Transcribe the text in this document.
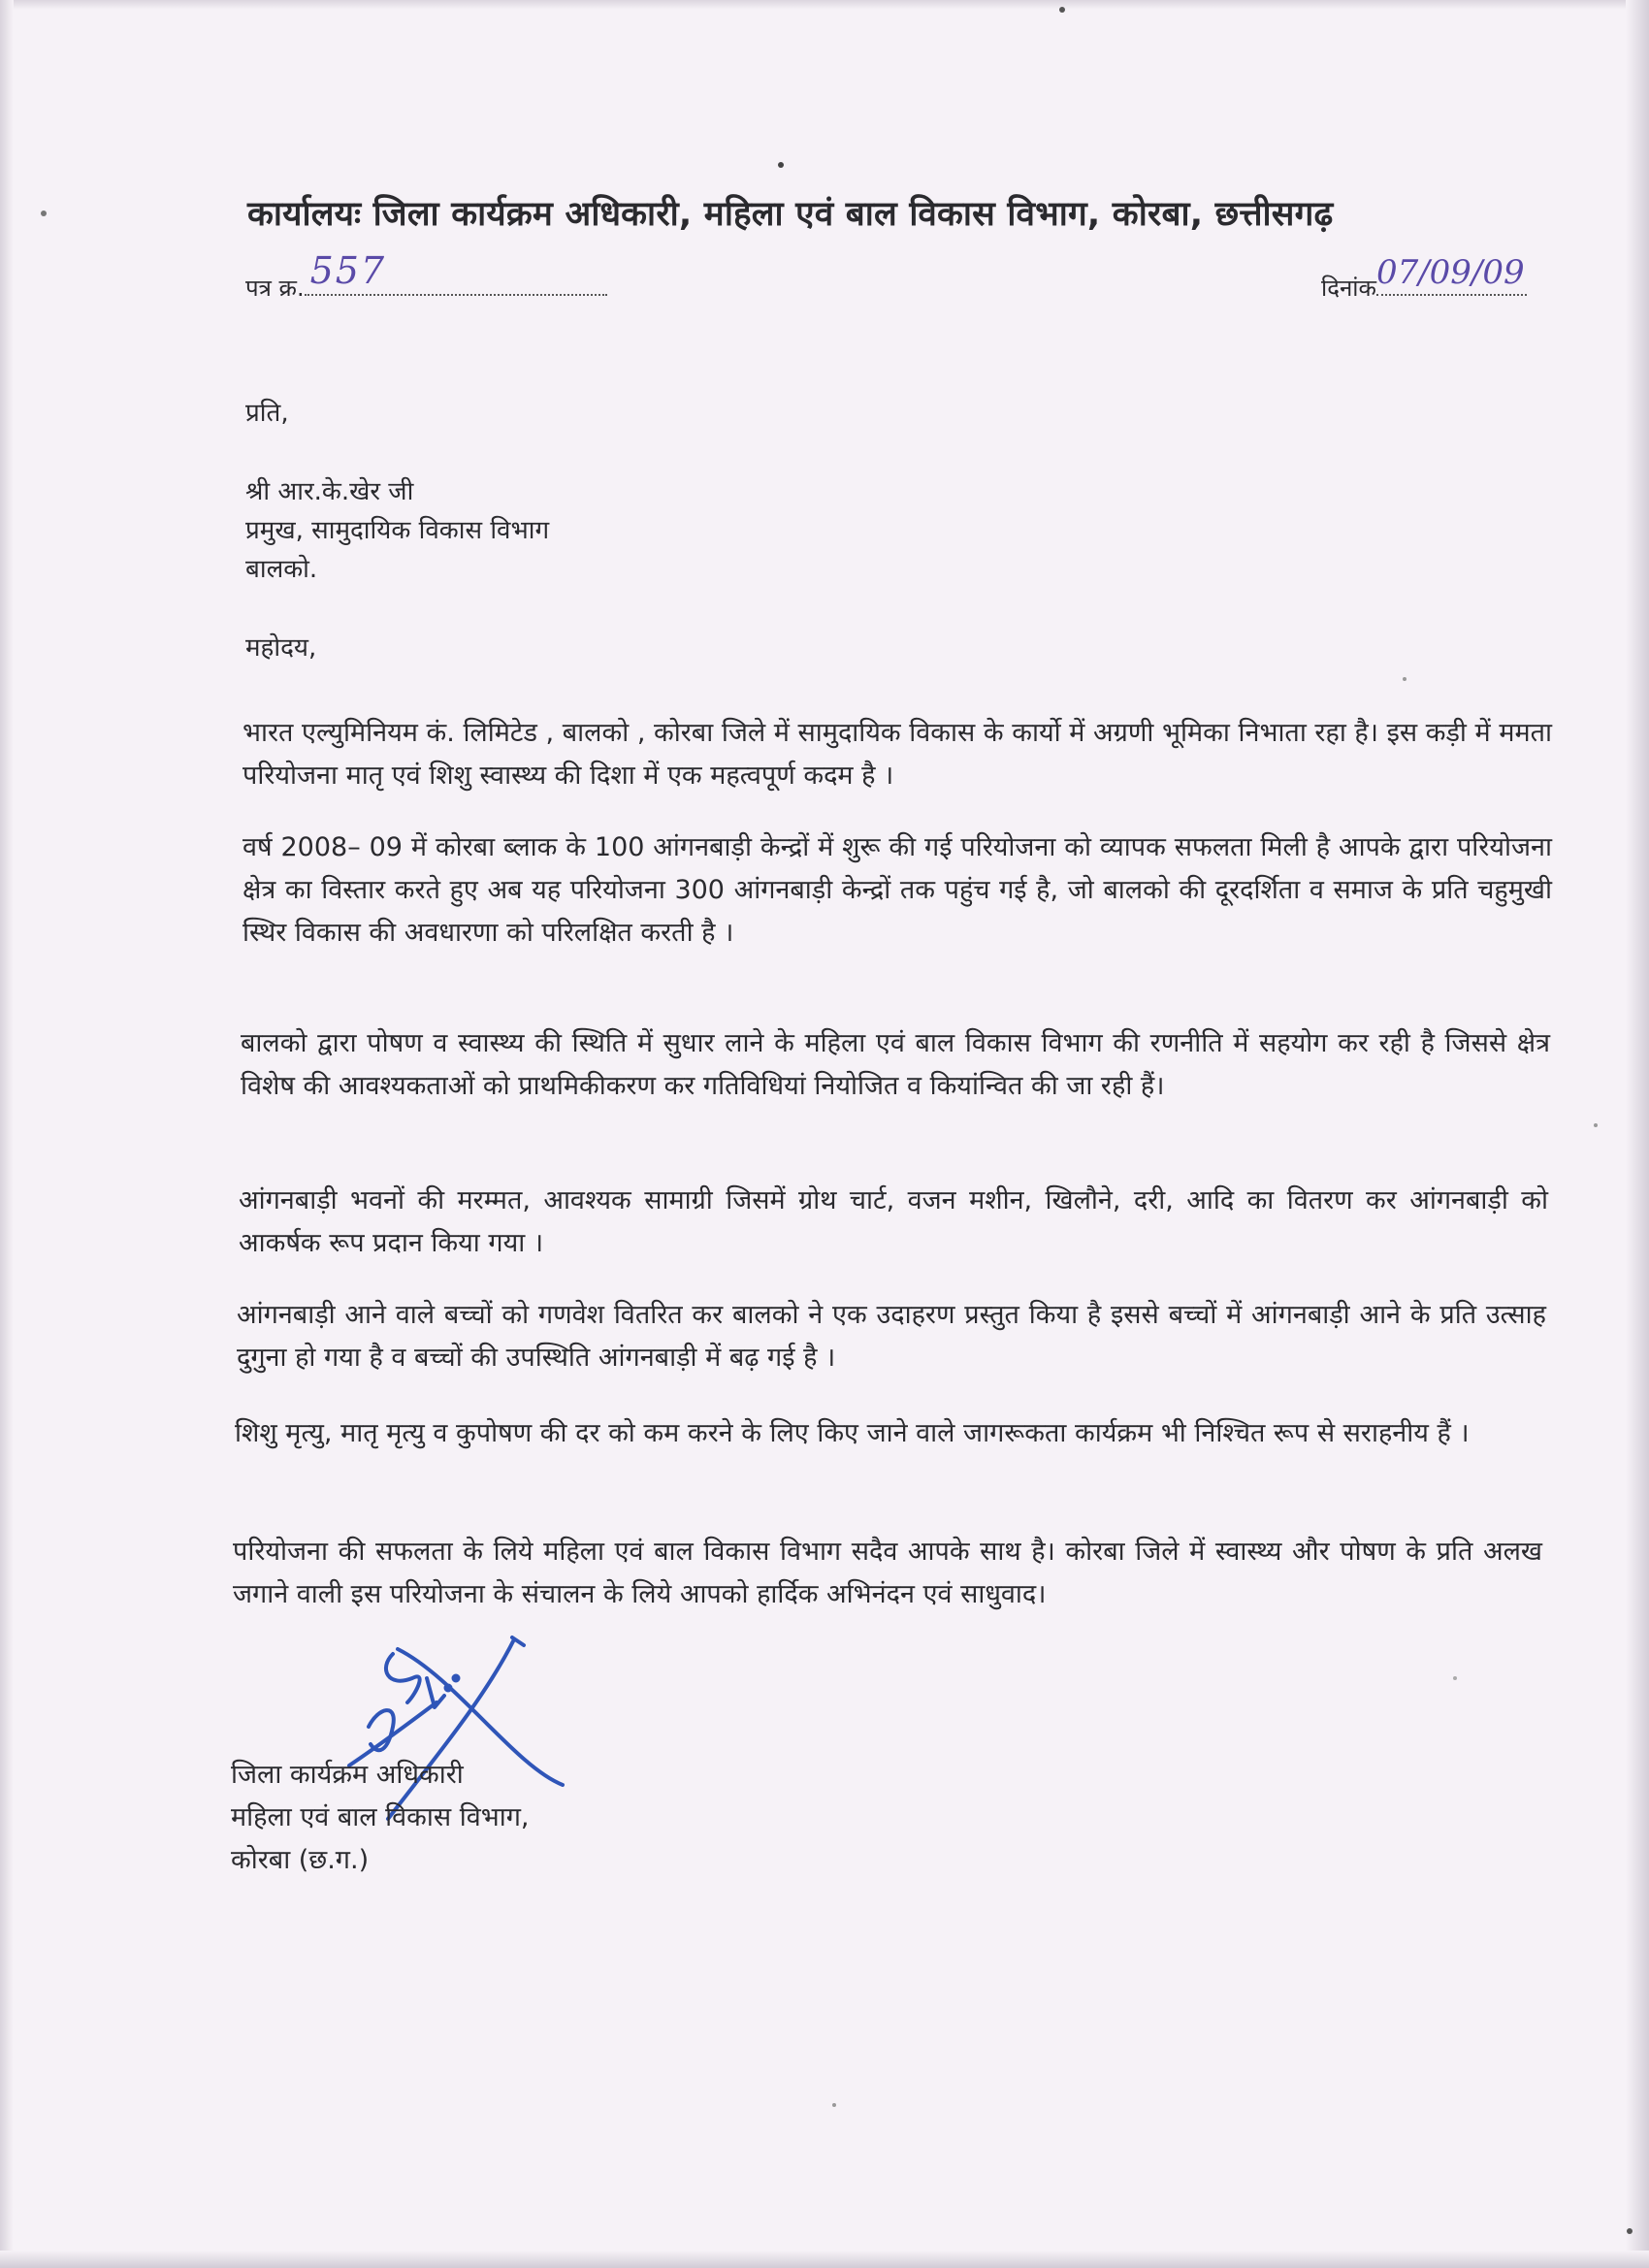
कार्यालयः जिला कार्यक्रम अधिकारी, महिला एवं बाल विकास विभाग, कोरबा, छत्तीसगढ़
पत्र क्र. 557	दिनांक 07/09/09
प्रति,
श्री आर.के.खेर जी
प्रमुख, सामुदायिक विकास विभाग
बालको.
महोदय,
भारत एल्युमिनियम कं. लिमिटेड , बालको , कोरबा जिले में सामुदायिक विकास के कार्यो में अग्रणी भूमिका निभाता रहा है। इस कड़ी में ममता परियोजना मातृ एवं शिशु स्वास्थ्य की दिशा में एक महत्वपूर्ण कदम है ।
वर्ष 2008– 09 में कोरबा ब्लाक के 100 आंगनबाड़ी केन्द्रों में शुरू की गई परियोजना को व्यापक सफलता मिली है आपके द्वारा परियोजना क्षेत्र का विस्तार करते हुए अब यह परियोजना 300 आंगनबाड़ी केन्द्रों तक पहुंच गई है, जो बालको की दूरदर्शिता व समाज के प्रति चहुमुखी स्थिर विकास की अवधारणा को परिलक्षित करती है ।
बालको द्वारा पोषण व स्वास्थ्य की स्थिति में सुधार लाने के महिला एवं बाल विकास विभाग की रणनीति में सहयोग कर रही है जिससे क्षेत्र विशेष की आवश्यकताओं को प्राथमिकीकरण कर गतिविधियां नियोजित व कियांन्वित की जा रही हैं।
आंगनबाड़ी भवनों की मरम्मत, आवश्यक सामाग्री जिसमें ग्रोथ चार्ट, वजन मशीन, खिलौने, दरी, आदि का वितरण कर आंगनबाड़ी को आकर्षक रूप प्रदान किया गया ।
आंगनबाड़ी आने वाले बच्चों को गणवेश वितरित कर बालको ने एक उदाहरण प्रस्तुत किया है इससे बच्चों में आंगनबाड़ी आने के प्रति उत्साह दुगुना हो गया है व बच्चों की उपस्थिति आंगनबाड़ी में बढ़ गई है ।
शिशु मृत्यु, मातृ मृत्यु व कुपोषण की दर को कम करने के लिए किए जाने वाले जागरूकता कार्यक्रम भी निश्चित रूप से सराहनीय हैं ।
परियोजना की सफलता के लिये महिला एवं बाल विकास विभाग सदैव आपके साथ है। कोरबा जिले में स्वास्थ्य और पोषण के प्रति अलख जगाने वाली इस परियोजना के संचालन के लिये आपको हार्दिक अभिनंदन एवं साधुवाद।
जिला कार्यक्रम अधिकारी
महिला एवं बाल विकास विभाग,
कोरबा (छ.ग.)
